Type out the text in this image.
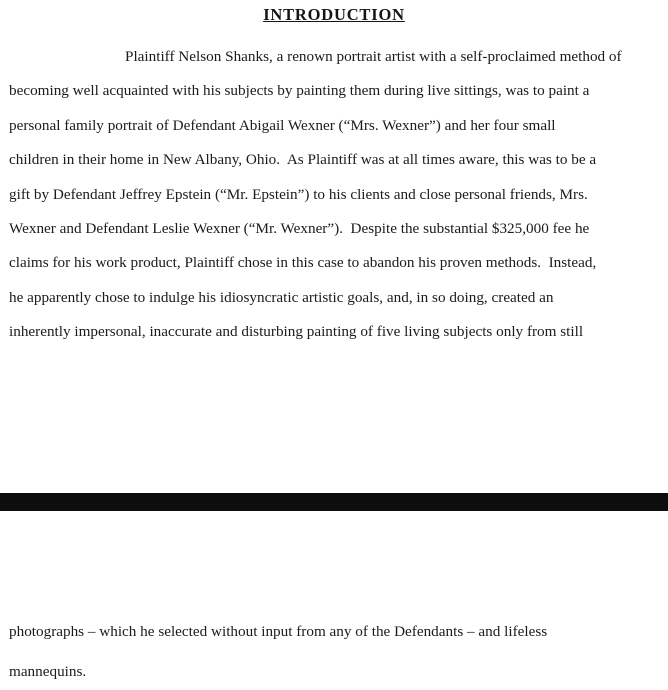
INTRODUCTION
Plaintiff Nelson Shanks, a renown portrait artist with a self-proclaimed method of
becoming well acquainted with his subjects by painting them during live sittings, was to paint a
personal family portrait of Defendant Abigail Wexner (“Mrs. Wexner”) and her four small
children in their home in New Albany, Ohio.  As Plaintiff was at all times aware, this was to be a
gift by Defendant Jeffrey Epstein (“Mr. Epstein”) to his clients and close personal friends, Mrs.
Wexner and Defendant Leslie Wexner (“Mr. Wexner”).  Despite the substantial $325,000 fee he
claims for his work product, Plaintiff chose in this case to abandon his proven methods.  Instead,
he apparently chose to indulge his idiosyncratic artistic goals, and, in so doing, created an
inherently impersonal, inaccurate and disturbing painting of five living subjects only from still
photographs – which he selected without input from any of the Defendants – and lifeless
mannequins.
